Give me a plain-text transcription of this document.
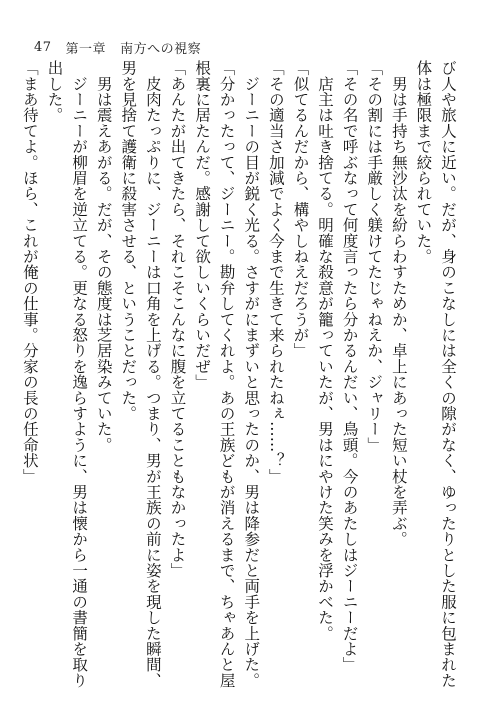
47 第一章 南方への視察
び人や旅人に近い。だが、身のこなしには全くの隙がなく、ゆったりとした服に包まれた
体は極限まで絞られていた。
　男は手持ち無沙汰を紛らわすためか、卓上にあった短い杖を弄ぶ。
「その割には手厳しく躾けてたじゃねえか、ジャリー」
「その名で呼ぶなって何度言ったら分かるんだい、鳥頭。今のあたしはジーニーだよ」
　店主は吐き捨てる。明確な殺意が籠っていたが、男はにやけた笑みを浮かべた。
「似てるんだから、構やしねえだろうが」
「その適当さ加減でよく今まで生きて来られたねぇ……？」
　ジーニーの目が鋭く光る。さすがにまずいと思ったのか、男は降参だと両手を上げた。
「分かったって、ジーニー。勘弁してくれよ。あの王族どもが消えるまで、ちゃあんと屋
根裏に居たんだ。感謝して欲しいくらいだぜ」
「あんたが出てきたら、それこそこんなに腹を立てることもなかったよ」
　皮肉たっぷりに、ジーニーは口角を上げる。つまり、男が王族の前に姿を現した瞬間、
男を見捨て護衛に殺害させる、ということだった。
　男は震えあがる。だが、その態度は芝居染みていた。
　ジーニーが柳眉を逆立てる。更なる怒りを逸らすように、男は懐から一通の書簡を取り
出した。
「まあ待てよ。ほら、これが俺の仕事。分家の長の任命状」
